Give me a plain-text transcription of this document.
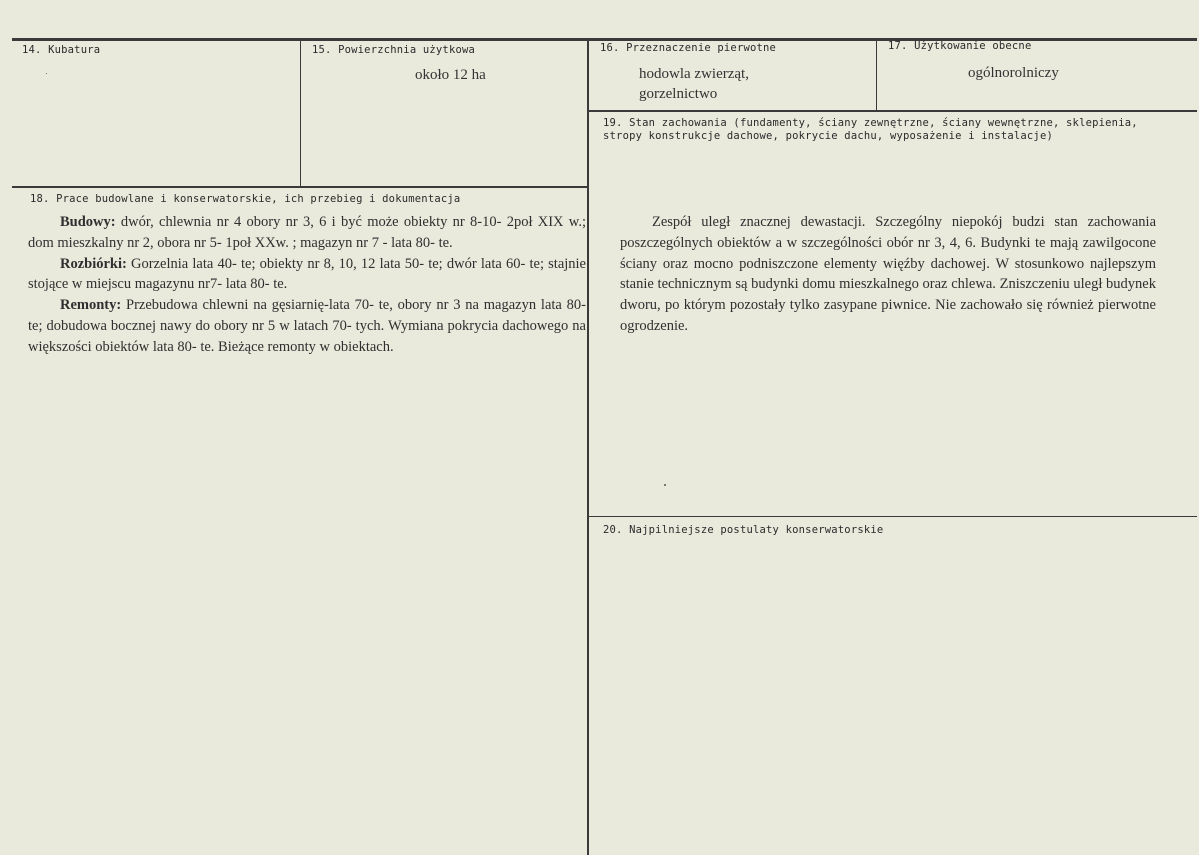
14. Kubatura	15. Powierzchnia użytkowa
około 12 ha
16. Przeznaczenie pierwotne
hodowla zwierząt,
gorzelnictwo
17. Użytkowanie obecne
ogólnorolniczy
18. Prace budowlane i konserwatorskie, ich przebieg i dokumentacja

Budowy: dwór, chlewnia nr 4 obory nr 3, 6 i być może obiekty nr 8-10- 2poł XIX w.; dom mieszkalny nr 2, obora nr 5- 1poł XXw. ; magazyn nr 7 - lata 80- te.

Rozbiórki: Gorzelnia lata 40- te; obiekty nr 8, 10, 12 lata 50- te; dwór lata 60- te; stajnie stojące w miejscu magazynu nr7- lata 80- te.

Remonty: Przebudowa chlewni na gęsiarnię-lata 70- te, obory nr 3 na magazyn lata 80- te; dobudowa bocznej nawy do obory nr 5 w latach 70- tych. Wymiana pokrycia dachowego na większości obiektów lata 80- te. Bieżące remonty w obiektach.

19. Stan zachowania (fundamenty, ściany zewnętrzne, ściany wewnętrzne, sklepienia, stropy konstrukcje dachowe, pokrycie dachu, wyposażenie i instalacje)

Zespół uległ znacznej dewastacji. Szczególny niepokój budzi stan zachowania poszczególnych obiektów a w szczególności obór nr 3, 4, 6. Budynki te mają zawilgocone ściany oraz mocno podniszczone elementy więźby dachowej. W stosunkowo najlepszym stanie technicznym są budynki domu mieszkalnego oraz chlewa. Zniszczeniu uległ budynek dworu, po którym pozostały tylko zasypane piwnice. Nie zachowało się również pierwotne ogrodzenie.

20. Najpilniejsze postulaty konserwatorskie
